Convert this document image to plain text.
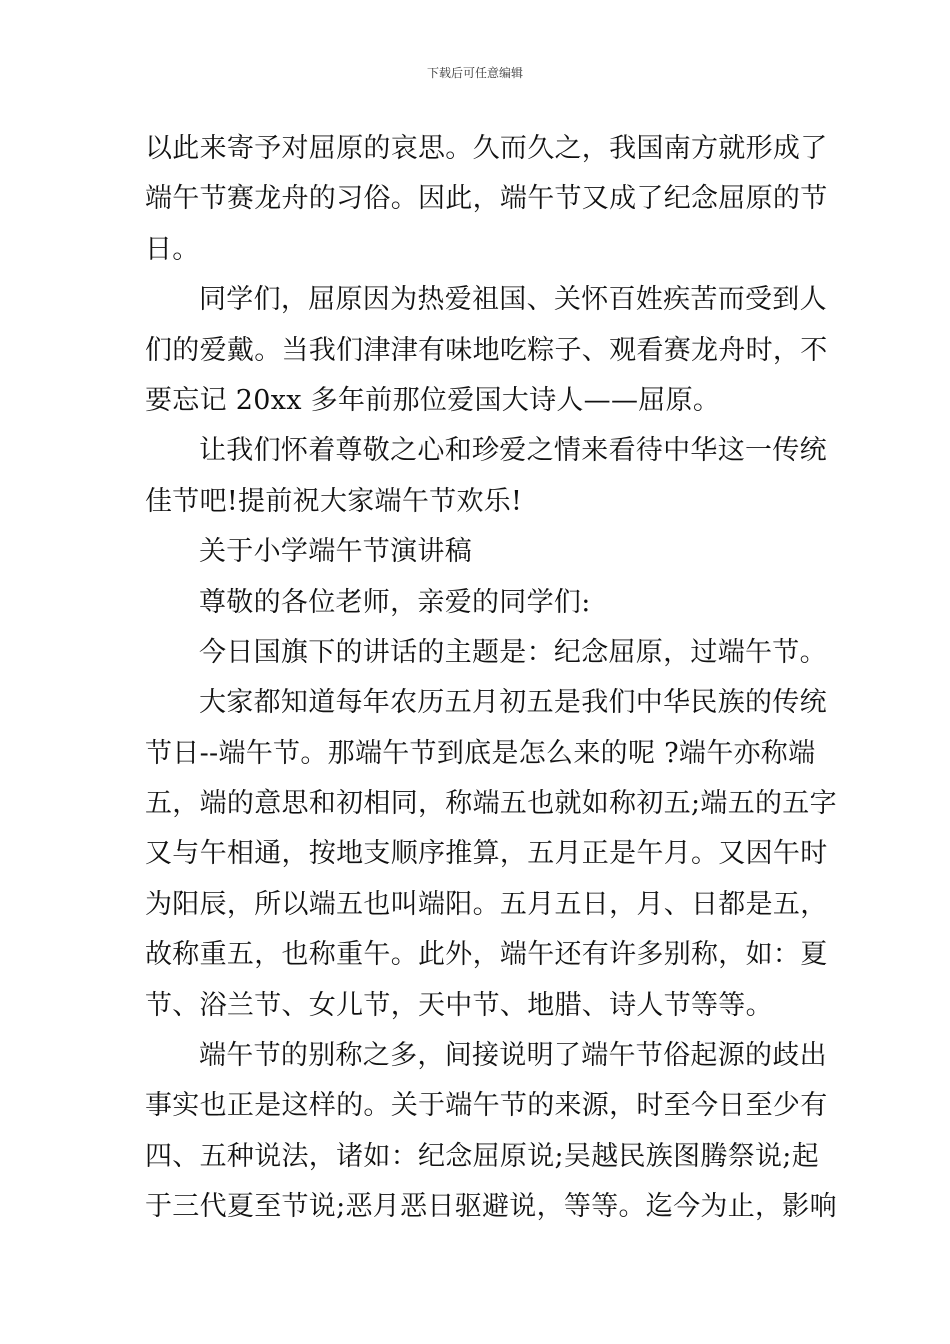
下载后可任意编辑
以此来寄予对屈原的哀思。久而久之，我国南方就形成了
端午节赛龙舟的习俗。因此，端午节又成了纪念屈原的节
日。
同学们，屈原因为热爱祖国、关怀百姓疾苦而受到人
们的爱戴。当我们津津有味地吃粽子、观看赛龙舟时，不
要忘记 20xx 多年前那位爱国大诗人——屈原。
让我们怀着尊敬之心和珍爱之情来看待中华这一传统
佳节吧!提前祝大家端午节欢乐!
关于小学端午节演讲稿
尊敬的各位老师，亲爱的同学们:
今日国旗下的讲话的主题是：纪念屈原，过端午节。
大家都知道每年农历五月初五是我们中华民族的传统
节日--端午节。那端午节到底是怎么来的呢 ?端午亦称端
五，端的意思和初相同，称端五也就如称初五;端五的五字
又与午相通，按地支顺序推算，五月正是午月。又因午时
为阳辰，所以端五也叫端阳。五月五日，月、日都是五，
故称重五，也称重午。此外，端午还有许多别称，如：夏
节、浴兰节、女儿节，天中节、地腊、诗人节等等。
端午节的别称之多，间接说明了端午节俗起源的歧出
事实也正是这样的。关于端午节的来源，时至今日至少有
四、五种说法，诸如：纪念屈原说;吴越民族图腾祭说;起
于三代夏至节说;恶月恶日驱避说，等等。迄今为止，影响
